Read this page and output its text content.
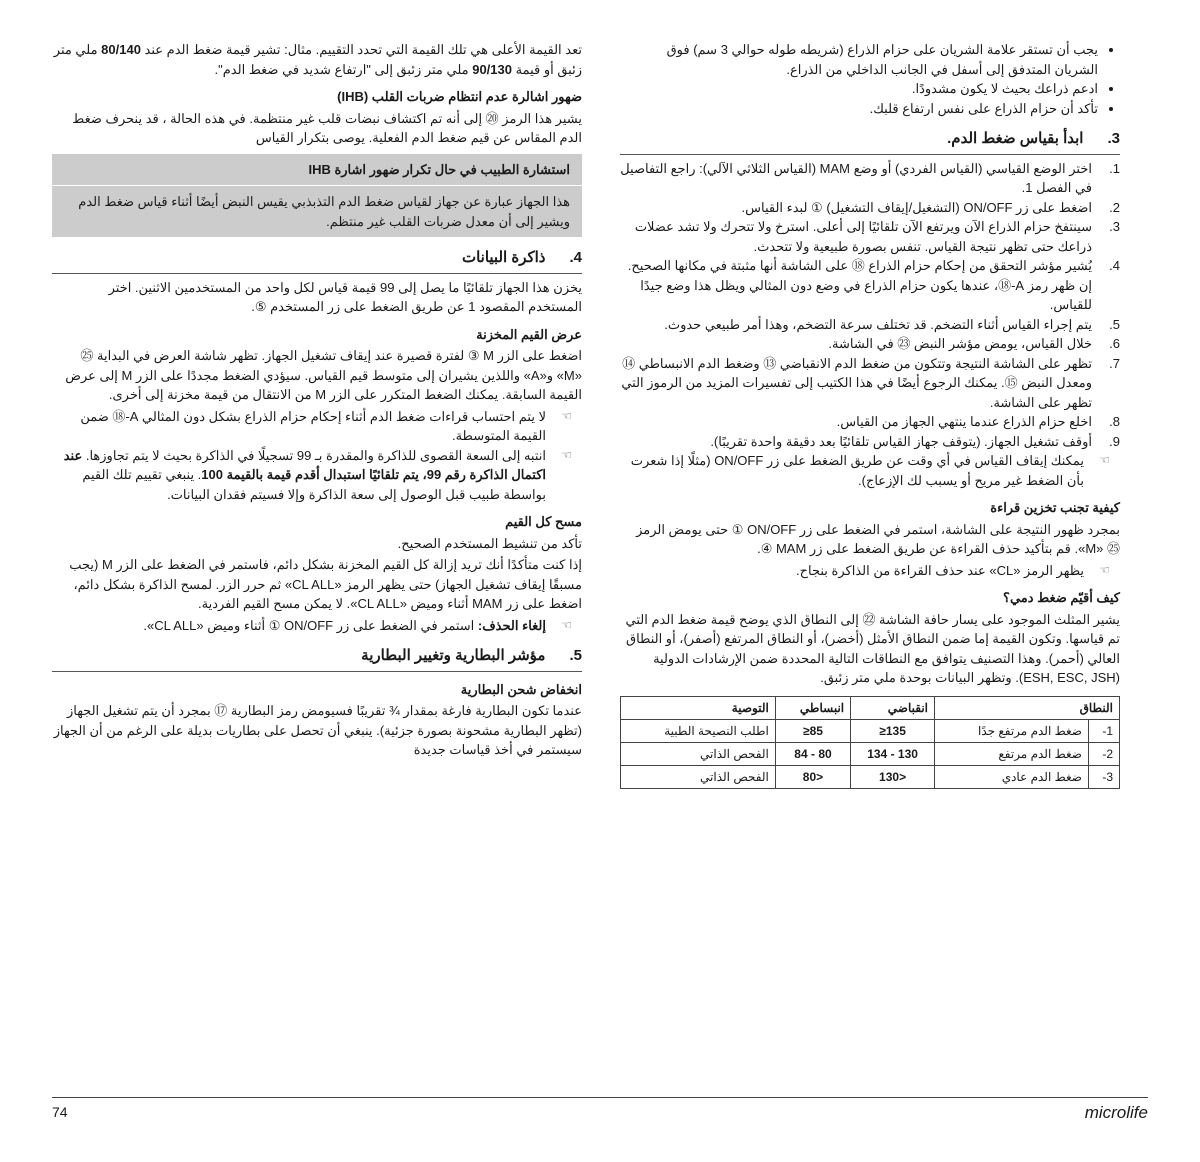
• يجب أن تستقر علامة الشريان على حزام الذراع (شريطه طوله حوالي 3 سم) فوق الشريان المتدفق إلى أسفل في الجانب الداخلي من الذراع.
• ادعم ذراعك بحيث لا يكون مشدودًا.
• تأكد أن حزام الذراع على نفس ارتفاع قلبك.
3.
ابدأ بقياس ضغط الدم.
1.
اختر الوضع القياسي (القياس الفردي) أو وضع MAM (القياس الثلاثي الآلي): راجع التفاصيل في الفصل 1.
2.
اضغط على زر ON/OFF (التشغيل/إيقاف التشغيل) ① لبدء القياس.
3.
سينتفخ حزام الذراع الآن ويرتفع الآن تلقائيًا إلى أعلى. استرخ ولا تتحرك ولا تشد عضلات ذراعك حتى تظهر نتيجة القياس. تنفس بصورة طبيعية ولا تتحدث.
4.
يُشير مؤشر التحقق من إحكام حزام الذراع ⑱ على الشاشة أنها مثبتة في مكانها الصحيح. إن ظهر رمز A-⑱، عندها يكون حزام الذراع في وضع دون المثالي ويظل هذا وضع جيدًا للقياس.
5.
يتم إجراء القياس أثناء التضخم. قد تختلف سرعة التضخم، وهذا أمر طبيعي حدوث.
6.
خلال القياس، يومض مؤشر النبض ㉓ في الشاشة.
7.
تظهر على الشاشة النتيجة وتتكون من ضغط الدم الانقباضي ⑬ وضغط الدم الانبساطي ⑭ ومعدل النبض ⑮. يمكنك الرجوع أيضًا في هذا الكتيب إلى تفسيرات المزيد من الرموز التي تظهر على الشاشة.
8.
اخلع حزام الذراع عندما ينتهي الجهاز من القياس.
9.
أوقف تشغيل الجهاز. (يتوقف جهاز القياس تلقائيًا بعد دقيقة واحدة تقريبًا).
☜
يمكنك إيقاف القياس في أي وقت عن طريق الضغط على زر ON/OFF (مثلًا إذا شعرت بأن الضغط غير مريح أو يسبب لك الإزعاج).
كيفية تجنب تخزين قراءة

بمجرد ظهور النتيجة على الشاشة، استمر في الضغط على زر ON/OFF ① حتى يومض الرمز ㉕ «M». قم بتأكيد حذف القراءة عن طريق الضغط على زر MAM ④.

☜
يظهر الرمز «CL» عند حذف القراءة من الذاكرة بنجاح.
كيف أقيّم ضغط دمي؟

يشير المثلث الموجود على يسار حافة الشاشة ㉒ إلى النطاق الذي يوضح قيمة ضغط الدم التي تم قياسها. وتكون القيمة إما ضمن النطاق الأمثل (أخضر)، أو النطاق المرتفع (أصفر)، أو النطاق العالي (أحمر). وهذا التصنيف يتوافق مع النطاقات التالية المحددة ضمن الإرشادات الدولية (ESH, ESC, JSH). وتظهر البيانات بوحدة ملي متر زئبق.

النطاق		انقباضي	انبساطي	التوصية
1-	ضغط الدم مرتفع جدًا	135≤	85≤	اطلب النصيحة الطبية
2-	ضغط الدم مرتفع	130 - 134	80 - 84	الفحص الذاتي
3-	ضغط الدم عادي	<130	<80	الفحص الذاتي

تعد القيمة الأعلى هي تلك القيمة التي تحدد التقييم. مثال: تشير قيمة ضغط الدم عند 80/140 ملي متر زئبق أو قيمة 90/130 ملي متر زئبق إلى "ارتفاع شديد في ضغط الدم".

ضهور اشالرة عدم انتظام ضربات القلب (IHB)

يشير هذا الرمز ⑳ إلى أنه تم اكتشاف نبضات قلب غير منتظمة. في هذه الحالة ، قد ينحرف ضغط الدم المقاس عن قيم ضغط الدم الفعلية. يوصى بتكرار القياس

استشارة الطبيب في حال تكرار ضهور اشارة IHB
هذا الجهاز عبارة عن جهاز لقياس ضغط الدم التذبذبي يقيس النبض أيضًا أثناء قياس ضغط الدم ويشير إلى أن معدل ضربات القلب غير منتظم.
4.
ذاكرة البيانات

يخزن هذا الجهاز تلقائيًا ما يصل إلى 99 قيمة قياس لكل واحد من المستخدمين الاثنين. اختر المستخدم المقصود 1 عن طريق الضغط على زر المستخدم ⑤.

عرض القيم المخزنة

اضغط على الزر M ③ لفترة قصيرة عند إيقاف تشغيل الجهاز. تظهر شاشة العرض في البداية ㉕ «M» و«A» واللذين يشيران إلى متوسط قيم القياس. سيؤدي الضغط مجددًا على الزر M إلى عرض القيمة السابقة. يمكنك الضغط المتكرر على الزر M من الانتقال من قيمة مخزنة إلى أخرى.

☜
لا يتم احتساب قراءات ضغط الدم أثناء إحكام حزام الذراع بشكل دون المثالي A-⑱ ضمن القيمة المتوسطة.
☜
انتبه إلى السعة القصوى للذاكرة والمقدرة بـ 99 تسجيلًا في الذاكرة بحيث لا يتم تجاوزها. عند اكتمال الذاكرة رقم 99، يتم تلقائيًا استبدال أقدم قيمة بالقيمة 100. ينبغي تقييم تلك القيم بواسطة طبيب قبل الوصول إلى سعة الذاكرة وإلا فسيتم فقدان البيانات.
مسح كل القيم

تأكد من تنشيط المستخدم الصحيح.

إذا كنت متأكدًا أنك تريد إزالة كل القيم المخزنة بشكل دائم، فاستمر في الضغط على الزر M (يجب مسبقًا إيقاف تشغيل الجهاز) حتى يظهر الرمز «CL ALL» ثم حرر الزر. لمسح الذاكرة بشكل دائم، اضغط على زر MAM أثناء وميض «CL ALL». لا يمكن مسح القيم الفردية.

☜
إلغاء الحذف: استمر في الضغط على زر ON/OFF ① أثناء وميض «CL ALL».
5.
مؤشر البطارية وتغيير البطارية
انخفاض شحن البطارية

عندما تكون البطارية فارغة بمقدار ¾ تقريبًا فسيومض رمز البطارية ⑰ بمجرد أن يتم تشغيل الجهاز (تظهر البطارية مشحونة بصورة جزئية). ينبغي أن تحصل على بطاريات بديلة على الرغم من أن الجهاز سيستمر في أخذ قياسات جديدة

74	microlife
